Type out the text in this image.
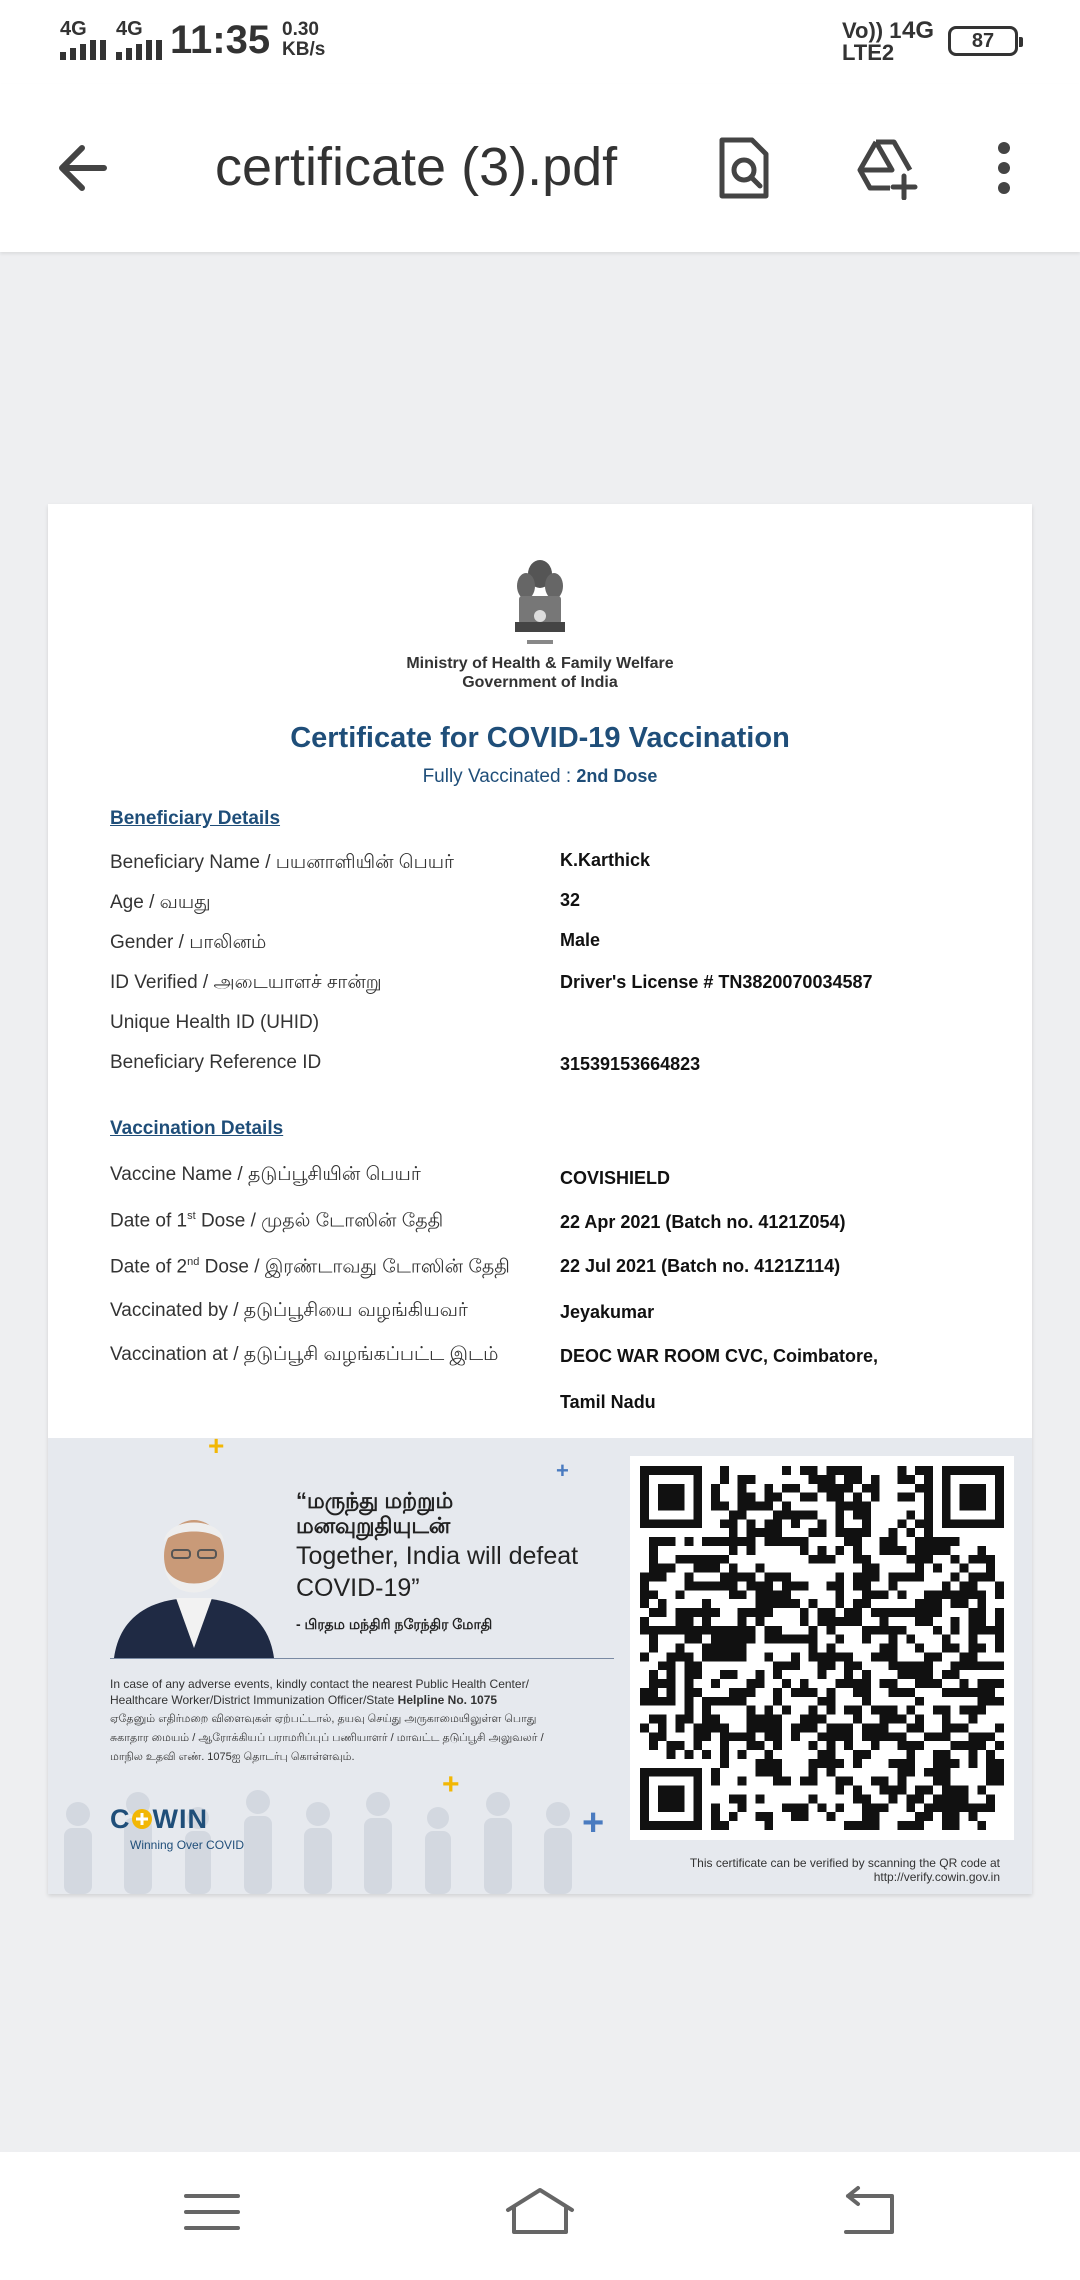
4G 4G 11:35 0.30
KB/s
Vo)) 1
LTE2
4G	87
certificate (3).pdf
Ministry of Health & Family Welfare
Government of India
Certificate for COVID-19 Vaccination
Fully Vaccinated : 2nd Dose
Beneficiary Details
Beneficiary Name / பயனாளியின் பெயர்	K.Karthick
Age / வயது	32
Gender / பாலினம்	Male
ID Verified / அடையாளச் சான்று	Driver's License # TN3820070034587
Unique Health ID (UHID)
Beneficiary Reference ID	31539153664823
Vaccination Details
Vaccine Name / தடுப்பூசியின் பெயர்	COVISHIELD
Date of 1st Dose / முதல் டோஸின் தேதி	22 Apr 2021 (Batch no. 4121Z054)
Date of 2nd Dose / இரண்டாவது டோஸின் தேதி	22 Jul 2021 (Batch no. 4121Z114)
Vaccinated by / தடுப்பூசியை வழங்கியவர்	Jeyakumar
Vaccination at / தடுப்பூசி வழங்கப்பட்ட இடம்	DEOC WAR ROOM CVC, Coimbatore,
Tamil Nadu
“மருந்து மற்றும்
மனவுறுதியுடன்
Together, India will defeat
COVID-19”
- பிரதம மந்திரி நரேந்திர மோதி
In case of any adverse events, kindly contact the nearest Public Health Center/
Healthcare Worker/District Immunization Officer/State Helpline No. 1075
ஏதேனும் எதிர்மறை விளைவுகள் ஏற்பட்டால், தயவு செய்து அருகாமையிலுள்ள பொது
சுகாதார மையம் / ஆரோக்கியப் பராமரிப்புப் பணியாளர் / மாவட்ட தடுப்பூசி அலுவலர் /
மாநில உதவி எண். 1075ஐ தொடர்பு கொள்ளவும்.
C WIN
Winning Over COVID
+
+
+
+
This certificate can be verified by scanning the QR code at
http://verify.cowin.gov.in
